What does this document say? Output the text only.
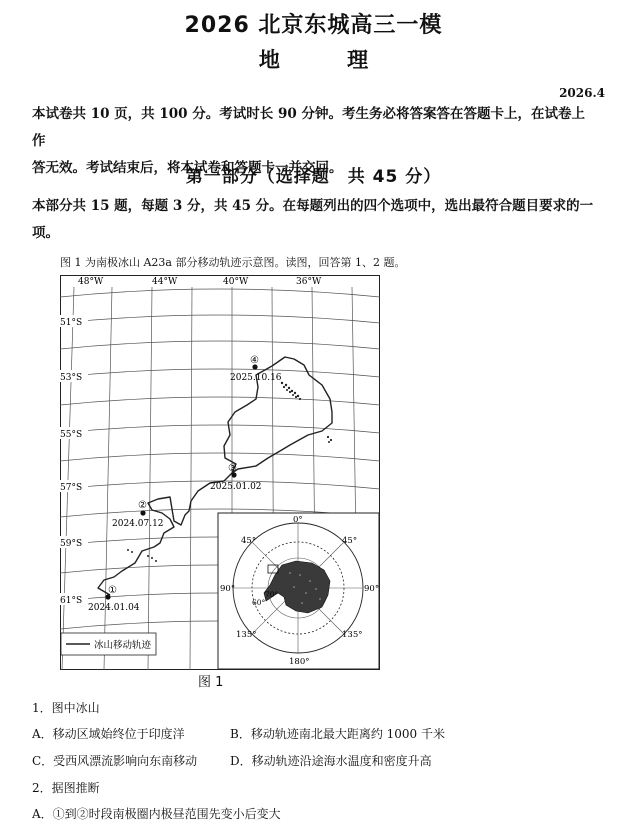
2026 北京东城高三一模
地 理
2026.4
本试卷共 10 页，共 100 分。考试时长 90 分钟。考生务必将答案答在答题卡上，在试卷上作
答无效。考试结束后，将本试卷和答题卡一并交回。
第一部分（选择题　共 45 分）
本部分共 15 题，每题 3 分，共 45 分。在每题列出的四个选项中，选出最符合题目要求的一
项。
图 1 为南极冰山 A23a 部分移动轨迹示意图。读图，回答第 1、2 题。
48°W	44°W	40°W	36°W
51°S
53°S
55°S
57°S
59°S
61°S
①
2024.01.04
②
2024.07.12
③
2025.01.02
④
2025.10.16
冰山移动轨迹
0°
45°	45°
90°	90°
135°	135°
180°
60°
70°
图 1
1．图中冰山
A．移动区域始终位于印度洋	B．移动轨迹南北最大距离约 1000 千米
C．受西风漂流影响向东南移动	D．移动轨迹沿途海水温度和密度升高
2．据图推断
A．①到②时段南极圈内极昼范围先变小后变大
